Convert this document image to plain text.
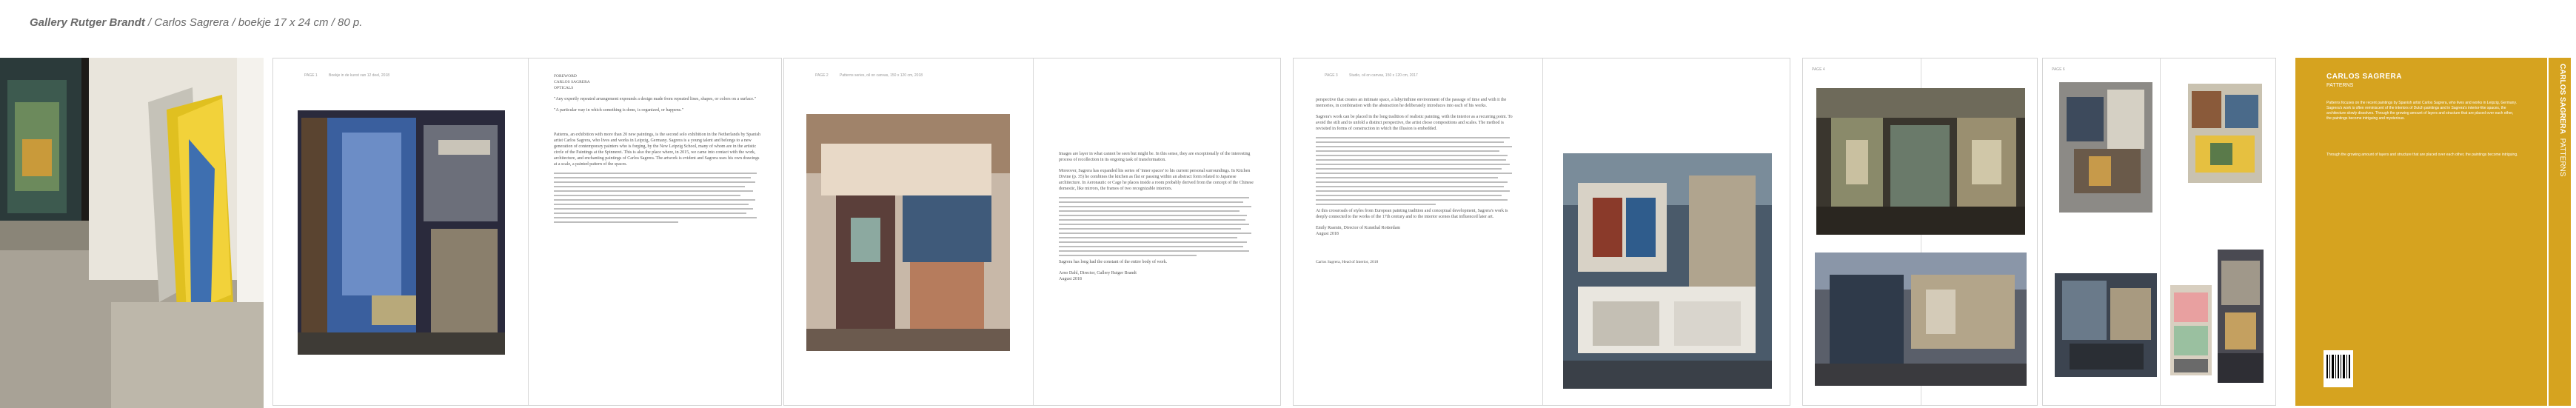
Gallery Rutger Brandt / Carlos Sagrera / boekje 17 x 24 cm / 80 p.
PAGE 1	Boekje in de kunst van 12 deel, 2018	FOREWORD
CARLOS SAGRERA
OPTICALS

"Any expertly repeated arrangement expounds a design made from repeated lines, shapes, or colors on a surface."

"A particular way in which something is done, is organized, or happens."

Patterns, an exhibition with more than 20 new paintings, is the second solo exhibition in the Netherlands by Spanish artist Carlos Sagrera, who lives and works in Leipzig, Germany. Sagrera is a young talent and belongs to a new generation of contemporary painters who is forging, by the New Leipzig School, many of whom are in the artistic circle of the Paintings at the Spinnerei. This is also the place where, in 2015, we came into contact with the work, architecture, and enchanting paintings of Carlos Sagrera. The artwork is evident and Sagrera uses his own drawings at a scale, a painted pattern of the spaces.

PAGE 2	Patterns series, oil on canvas, 150 x 120 cm, 2018

Images are layer in what cannot be seen but might be. In this sense, they are exceptionally of the interesting process of recollection in its ongoing task of transformation.

Moreover, Sagrera has expanded his series of 'inner spaces' to his current personal surroundings. In Kitchen Divine (p. 35) he combines the kitchen as flat or passing within an abstract form related to Japanese architecture. In Aeronautic or Cage he places inside a room probably derived from the concept of the Chinese domestic, like mirrors, the frames of two recognizable interiors.

Sagrera has long had the constant of the entire body of work.

Arno Dahl, Director, Gallery Rutger Brandt
August 2018
PAGE 3	Studio, oil on canvas, 150 x 120 cm, 2017

perspective that creates an intimate space, a labyrinthine environment of the passage of time and with it the memories, in combination with the abstraction he deliberately introduces into each of his works.

Sagrera's work can be placed in the long tradition of realistic painting, with the interior as a recurring point. To avoid the stilt and to unfold a distinct perspective, the artist chose compositions and scales. The method is revisited in forms of construction in which the illusion is embedded.

At this crossroads of styles from European painting tradition and conceptual development, Sagrera's work is deeply connected to the works of the 17th century and to the interior scenes that influenced later art.

Emily Rasmin, Director of Kunsthal Rotterdam
August 2018
Carlos Sagrera, Head of Interior, 2018
PAGE 4	PAGE 6
CARLOS SAGRERA
PATTERNS
Patterns focuses on the recent paintings by Spanish artist Carlos Sagrera, who lives and works in Leipzig, Germany. Sagrera's work is often reminiscent of the interiors of Dutch paintings and in Sagrera's interior-like spaces, the architecture slowly dissolves. Through the growing amount of layers and structure that are placed over each other, the paintings become intriguing and mysterious.
Through the growing amount of layers and structure that are placed over each other, the paintings become intriguing.
CARLOS SAGRERA  PATTERNS
